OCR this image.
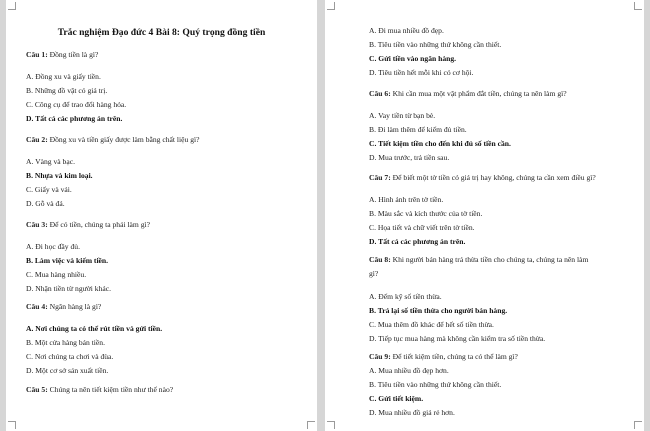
Trắc nghiệm Đạo đức 4 Bài 8: Quý trọng đồng tiền
Câu 1: Đồng tiền là gì?
A. Đồng xu và giấy tiền.
B. Những đồ vật có giá trị.
C. Công cụ để trao đổi hàng hóa.
D. Tất cả các phương án trên.
Câu 2: Đồng xu và tiền giấy được làm bằng chất liệu gì?
A. Vàng và bạc.
B. Nhựa và kim loại.
C. Giấy và vải.
D. Gỗ và đá.
Câu 3: Để có tiền, chúng ta phải làm gì?
A. Đi học đầy đủ.
B. Làm việc và kiếm tiền.
C. Mua hàng nhiều.
D. Nhận tiền từ người khác.
Câu 4: Ngân hàng là gì?
A. Nơi chúng ta có thể rút tiền và gửi tiền.
B. Một cửa hàng bán tiền.
C. Nơi chúng ta chơi và đùa.
D. Một cơ sở sản xuất tiền.
Câu 5: Chúng ta nên tiết kiệm tiền như thế nào?
A. Đi mua nhiều đồ đẹp.
B. Tiêu tiền vào những thứ không cần thiết.
C. Gửi tiền vào ngân hàng.
D. Tiêu tiền hết mỗi khi có cơ hội.
Câu 6: Khi cần mua một vật phẩm đắt tiền, chúng ta nên làm gì?
A. Vay tiền từ bạn bè.
B. Đi làm thêm để kiếm đủ tiền.
C. Tiết kiệm tiền cho đến khi đủ số tiền cần.
D. Mua trước, trả tiền sau.
Câu 7: Để biết một tờ tiền có giá trị hay không, chúng ta cần xem điều gì?
A. Hình ảnh trên tờ tiền.
B. Màu sắc và kích thước của tờ tiền.
C. Họa tiết và chữ viết trên tờ tiền.
D. Tất cả các phương án trên.
Câu 8: Khi người bán hàng trả thừa tiền cho chúng ta, chúng ta nên làm
gì?
A. Đếm kỹ số tiền thừa.
B. Trả lại số tiền thừa cho người bán hàng.
C. Mua thêm đồ khác để hết số tiền thừa.
D. Tiếp tục mua hàng mà không cần kiểm tra số tiền thừa.
Câu 9: Để tiết kiệm tiền, chúng ta có thể làm gì?
A. Mua nhiều đồ đẹp hơn.
B. Tiêu tiền vào những thứ không cần thiết.
C. Gửi tiết kiệm.
D. Mua nhiều đồ giá rẻ hơn.
